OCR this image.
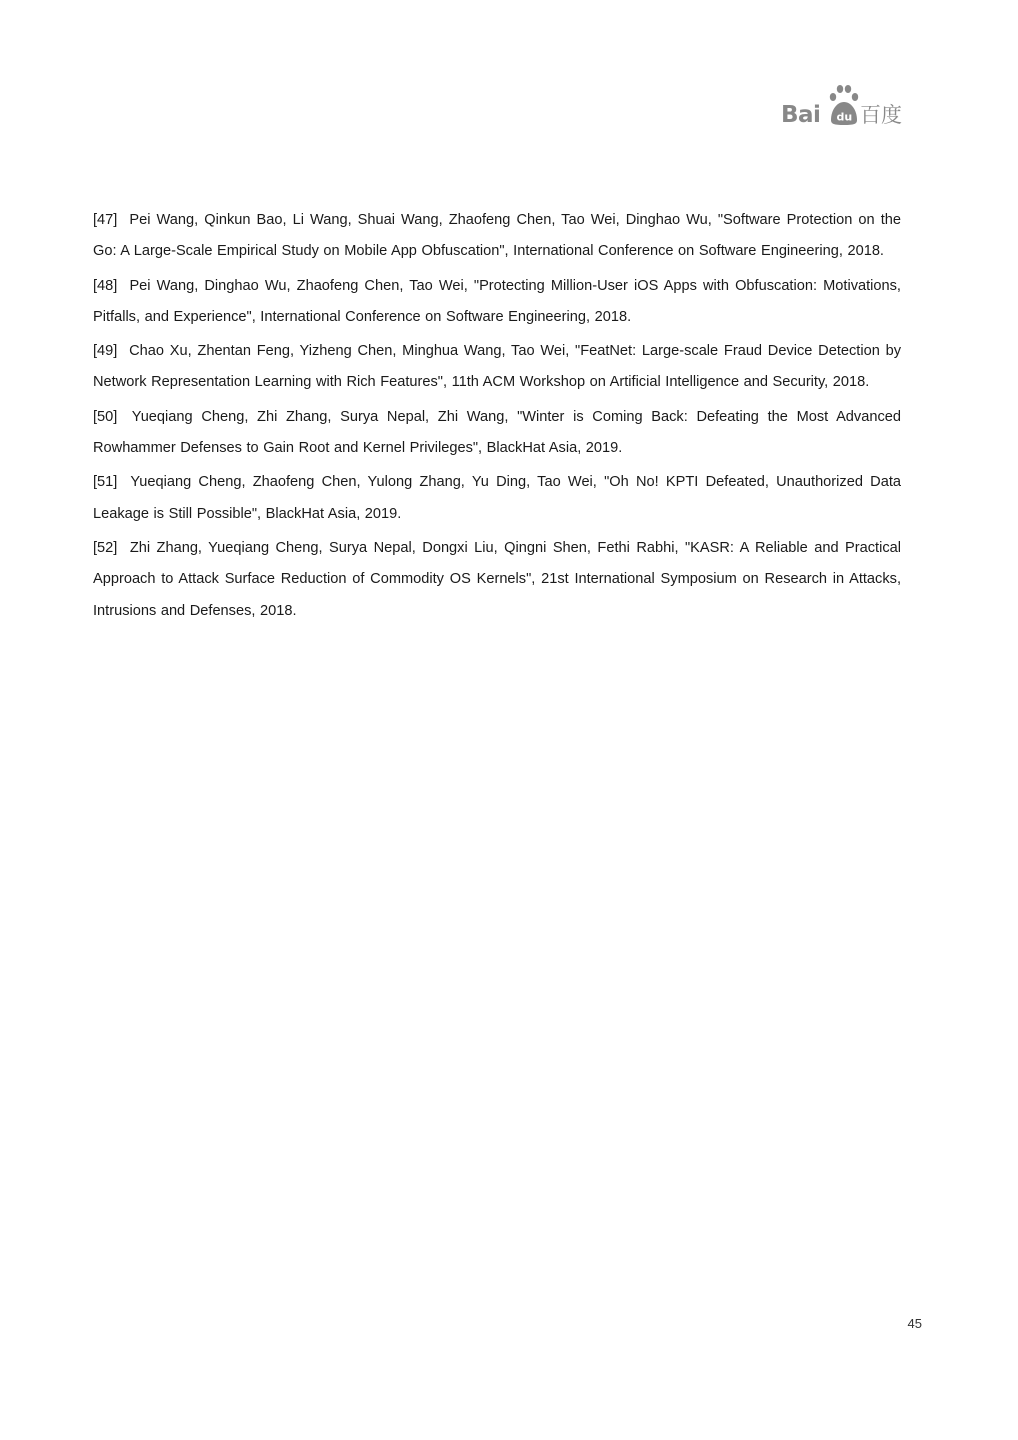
Bai 百度
du
[47] Pei Wang, Qinkun Bao, Li Wang, Shuai Wang, Zhaofeng Chen, Tao Wei, Dinghao Wu, "Software Protection on the Go: A Large-Scale Empirical Study on Mobile App Obfuscation", International Conference on Software Engineering, 2018.
[48] Pei Wang, Dinghao Wu, Zhaofeng Chen, Tao Wei, "Protecting Million-User iOS Apps with Obfuscation: Motivations, Pitfalls, and Experience", International Conference on Software Engineering, 2018.
[49] Chao Xu, Zhentan Feng, Yizheng Chen, Minghua Wang, Tao Wei, "FeatNet: Large-scale Fraud Device Detection by Network Representation Learning with Rich Features", 11th ACM Workshop on Artificial Intelligence and Security, 2018.
[50] Yueqiang Cheng, Zhi Zhang, Surya Nepal, Zhi Wang, "Winter is Coming Back: Defeating the Most Advanced Rowhammer Defenses to Gain Root and Kernel Privileges", BlackHat Asia, 2019.
[51] Yueqiang Cheng, Zhaofeng Chen, Yulong Zhang, Yu Ding, Tao Wei, "Oh No! KPTI Defeated, Unauthorized Data Leakage is Still Possible", BlackHat Asia, 2019.
[52] Zhi Zhang, Yueqiang Cheng, Surya Nepal, Dongxi Liu, Qingni Shen, Fethi Rabhi, "KASR: A Reliable and Practical Approach to Attack Surface Reduction of Commodity OS Kernels", 21st International Symposium on Research in Attacks, Intrusions and Defenses, 2018.
45
